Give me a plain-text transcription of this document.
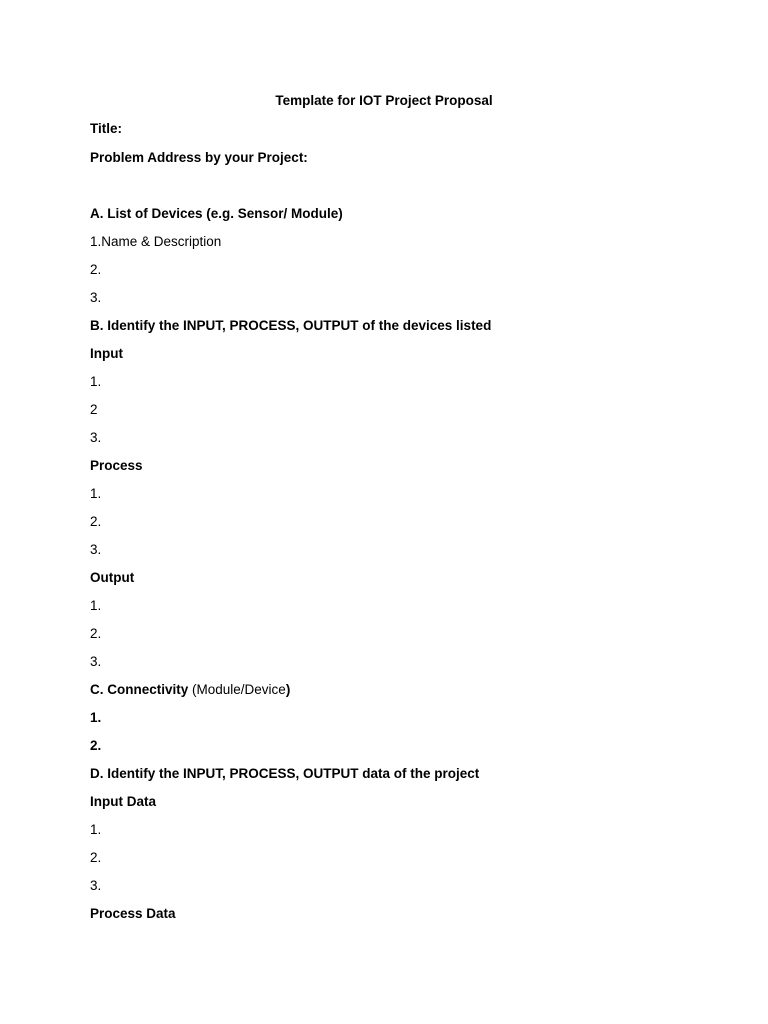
Template for IOT Project Proposal
Title:
Problem Address by your Project:
A. List of Devices (e.g. Sensor/ Module)
1.Name & Description
2.
3.
B. Identify the INPUT, PROCESS, OUTPUT of the devices listed
Input
1.
2
3.
Process
1.
2.
3.
Output
1.
2.
3.
C. Connectivity (Module/Device)
1.
2.
D. Identify the INPUT, PROCESS, OUTPUT data of the project
Input Data
1.
2.
3.
Process Data
